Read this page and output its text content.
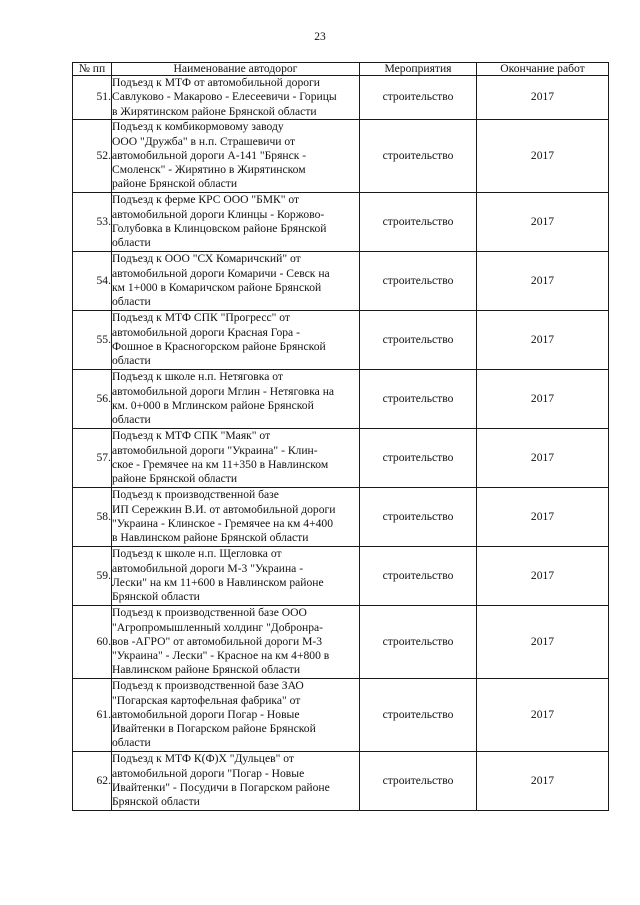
23
№ пп	Наименование автодорог	Мероприятия	Окончание работ
51.	Подъезд к МТФ от автомобильной дороги
Савлуково - Макарово - Елесеевичи - Горицы
в Жирятинском районе Брянской области	строительство	2017
52.	Подъезд к комбикормовому заводу
ООО "Дружба" в н.п. Страшевичи от
автомобильной дороги А-141 "Брянск -
Смоленск" - Жирятино в Жирятинском
районе Брянской области	строительство	2017
53.	Подъезд к ферме КРС ООО "БМК" от
автомобильной дороги Клинцы - Коржово-
Голубовка в Клинцовском районе Брянской
области	строительство	2017
54.	Подъезд к ООО "СХ Комаричский" от
автомобильной дороги Комаричи - Севск на
км 1+000 в Комаричском районе Брянской
области	строительство	2017
55.	Подъезд к МТФ СПК "Прогресс" от
автомобильной дороги Красная Гора -
Фошное в Красногорском районе Брянской
области	строительство	2017
56.	Подъезд к школе н.п. Нетяговка от
автомобильной дороги Мглин - Нетяговка на
км. 0+000 в Мглинском районе Брянской
области	строительство	2017
57.	Подъезд к МТФ СПК "Маяк" от
автомобильной дороги "Украина" - Клин-
ское - Гремячее на км 11+350 в Навлинском
районе Брянской области	строительство	2017
58.	Подъезд к производственной базе
ИП Сережкин В.И. от автомобильной дороги
"Украина - Клинское - Гремячее на км 4+400
в Навлинском районе Брянской области	строительство	2017
59.	Подъезд к школе н.п. Щегловка от
автомобильной дороги М-3 "Украина -
Лески" на км 11+600 в Навлинском районе
Брянской области	строительство	2017
60.	Подъезд к производственной базе ООО
"Агропромышленный холдинг "Добронра-
вов -АГРО" от автомобильной дороги М-3
"Украина" - Лески" - Красное на км 4+800 в
Навлинском районе Брянской области	строительство	2017
61.	Подъезд к производственной базе ЗАО
"Погарская картофельная фабрика" от
автомобильной дороги Погар - Новые
Ивайтенки в Погарском районе Брянской
области	строительство	2017
62.	Подъезд к МТФ К(Ф)Х "Дульцев" от
автомобильной дороги "Погар - Новые
Ивайтенки" - Посудичи в Погарском районе
Брянской области	строительство	2017
